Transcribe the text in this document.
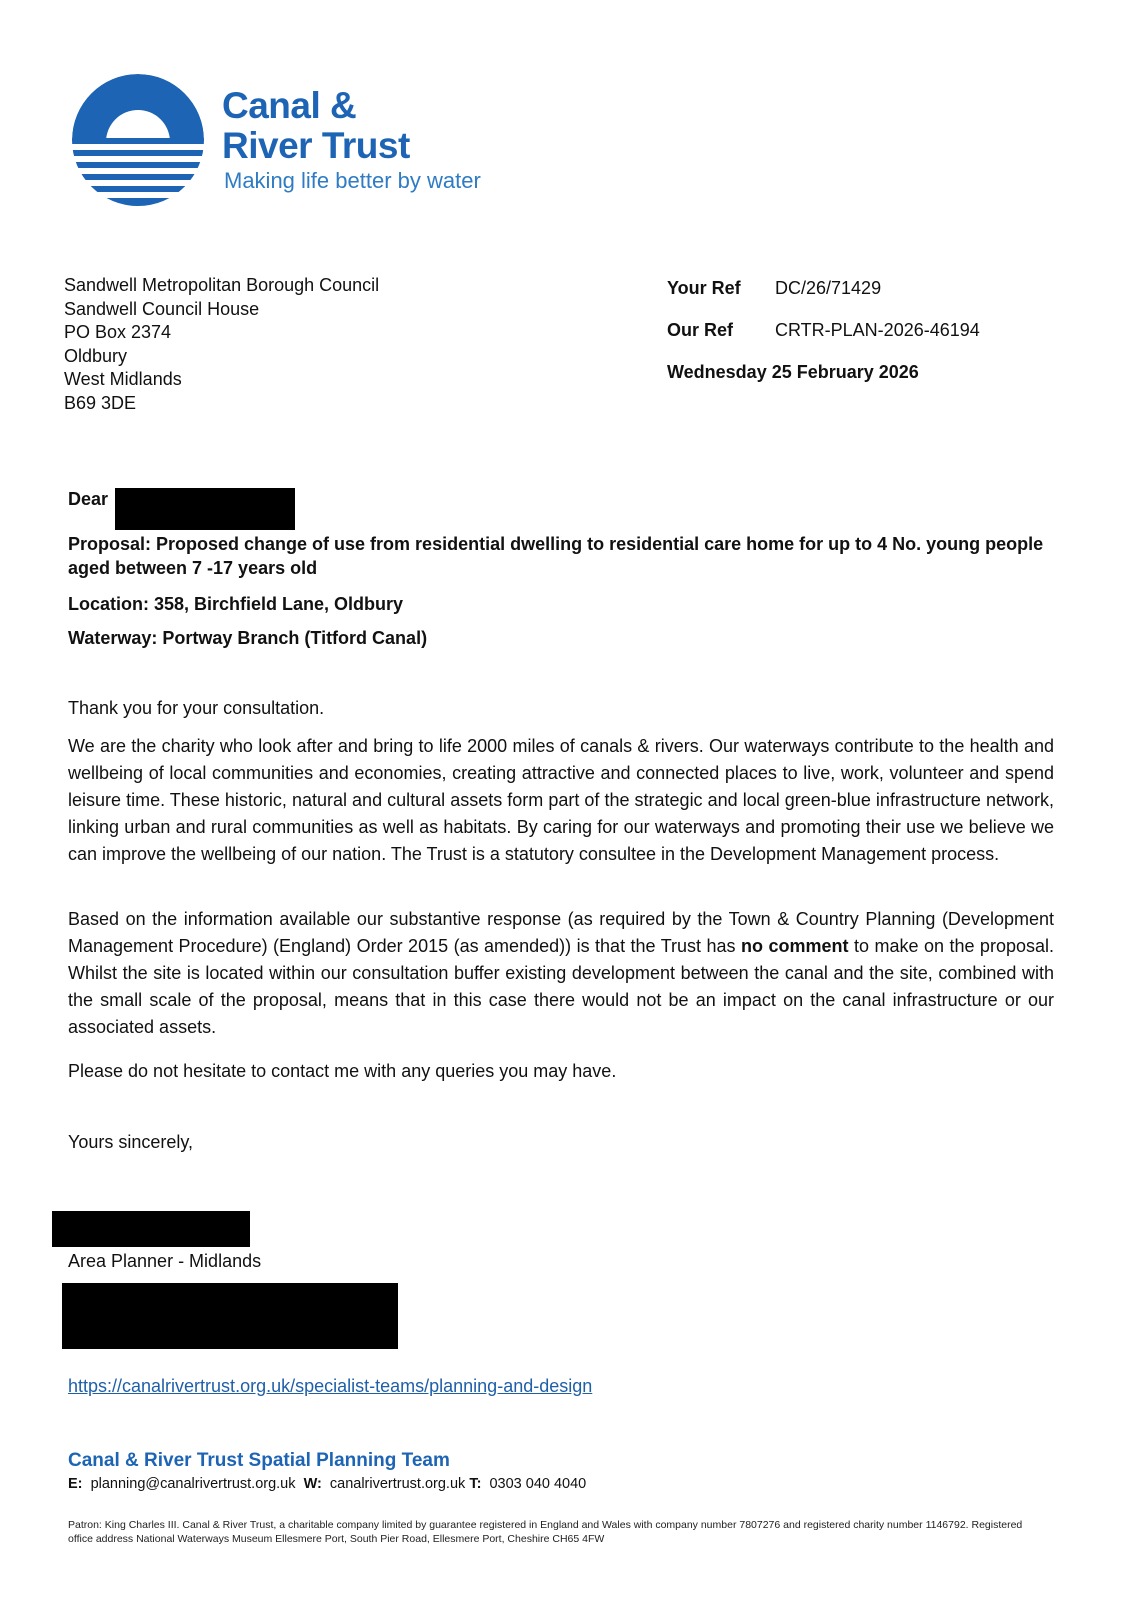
Canal &
River Trust
Making life better by water
Sandwell Metropolitan Borough Council
Sandwell Council House
PO Box 2374
Oldbury
West Midlands
B69 3DE
Your Ref	DC/26/71429
Our Ref	CRTR-PLAN-2026-46194
Wednesday 25 February 2026
Dear
Proposal: Proposed change of use from residential dwelling to residential care home for up to 4 No. young people aged between 7 -17 years old
Location: 358, Birchfield Lane, Oldbury
Waterway: Portway Branch (Titford Canal)
Thank you for your consultation.
We are the charity who look after and bring to life 2000 miles of canals & rivers. Our waterways contribute to the health and wellbeing of local communities and economies, creating attractive and connected places to live, work, volunteer and spend leisure time. These historic, natural and cultural assets form part of the strategic and local green-blue infrastructure network, linking urban and rural communities as well as habitats. By caring for our waterways and promoting their use we believe we can improve the wellbeing of our nation. The Trust is a statutory consultee in the Development Management process.
Based on the information available our substantive response (as required by the Town & Country Planning (Development Management Procedure) (England) Order 2015 (as amended)) is that the Trust has no comment to make on the proposal. Whilst the site is located within our consultation buffer existing development between the canal and the site, combined with the small scale of the proposal, means that in this case there would not be an impact on the canal infrastructure or our associated assets.
Please do not hesitate to contact me with any queries you may have.
Yours sincerely,
Area Planner - Midlands
https://canalrivertrust.org.uk/specialist-teams/planning-and-design
Canal & River Trust Spatial Planning Team
E: planning@canalrivertrust.org.uk W: canalrivertrust.org.uk T: 0303 040 4040
Patron: King Charles III. Canal & River Trust, a charitable company limited by guarantee registered in England and Wales with company number 7807276 and registered charity number 1146792. Registered office address National Waterways Museum Ellesmere Port, South Pier Road, Ellesmere Port, Cheshire CH65 4FW
